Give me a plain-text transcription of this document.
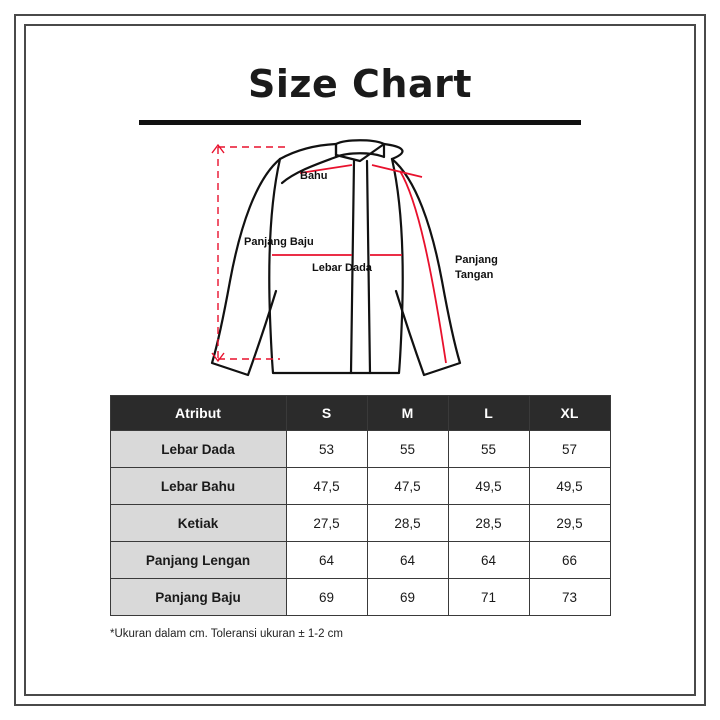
Size Chart
Panjang Baju
Bahu
Lebar Dada
Panjang
Tangan
Atribut	S	M	L	XL
Lebar Dada	53	55	55	57
Lebar Bahu	47,5	47,5	49,5	49,5
Ketiak	27,5	28,5	28,5	29,5
Panjang Lengan	64	64	64	66
Panjang Baju	69	69	71	73
*Ukuran dalam cm. Toleransi ukuran ± 1-2 cm
